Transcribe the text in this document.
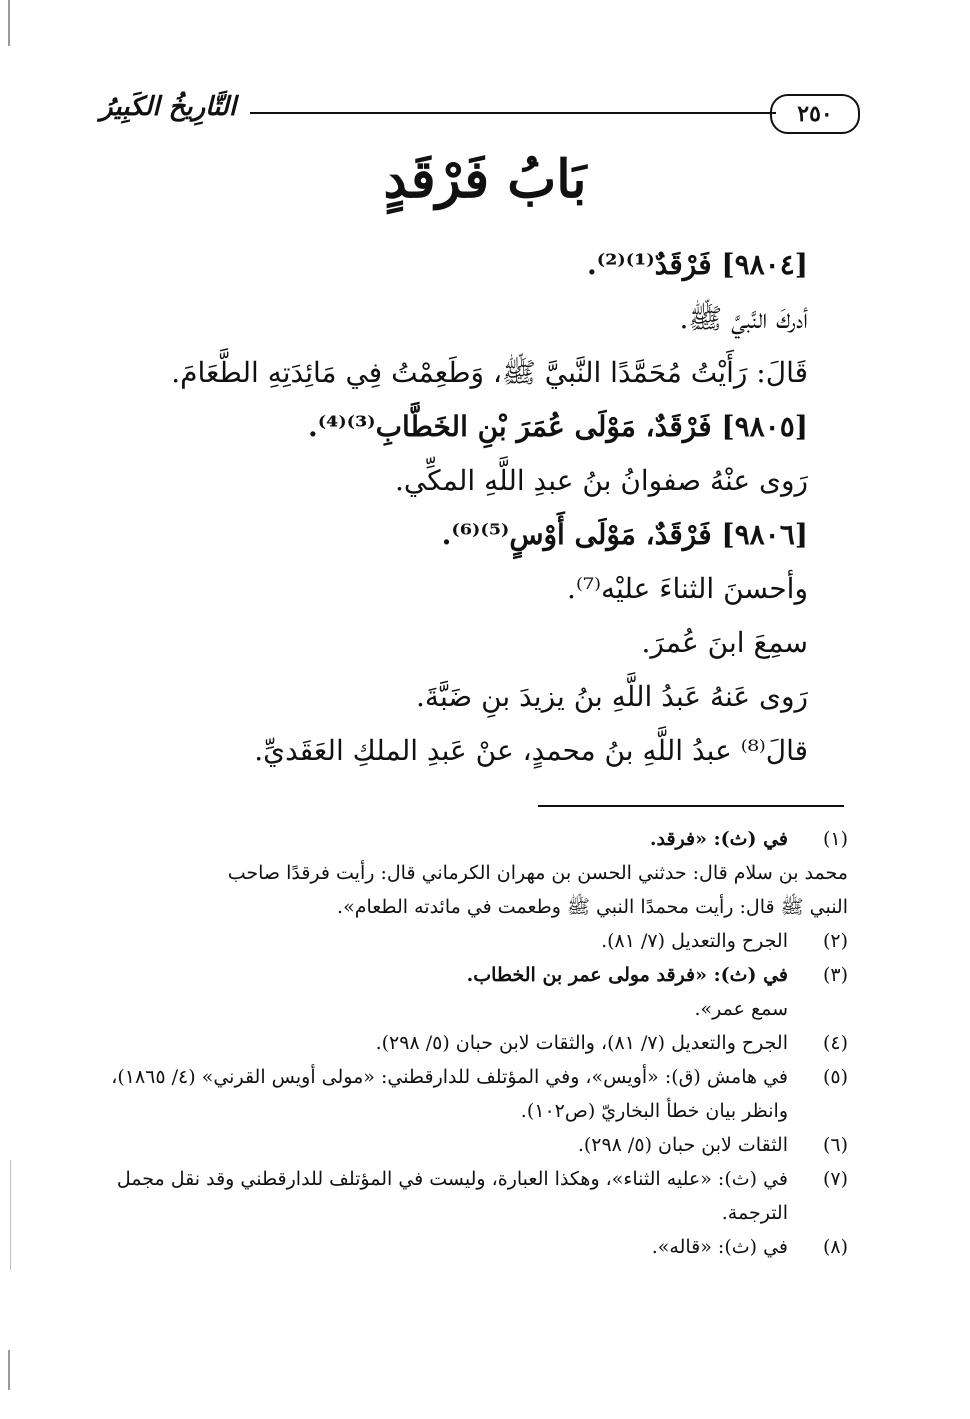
٢٥٠
التَّارِيخُ الكَبِيرُ
بَابُ فَرْقَدٍ
[٩٨٠٤] فَرْقَدٌ⁽¹⁾⁽²⁾.
أدركَ النَّبيَّ ﷺ.
قَالَ: رَأَيْتُ مُحَمَّدًا النَّبيَّ ﷺ، وَطَعِمْتُ فِي مَائِدَتِهِ الطَّعَامَ.
[٩٨٠٥] فَرْقَدٌ، مَوْلَى عُمَرَ بْنِ الخَطَّابِ⁽³⁾⁽⁴⁾.
رَوى عنْهُ صفوانُ بنُ عبدِ اللَّهِ المكِّي.
[٩٨٠٦] فَرْقَدٌ، مَوْلَى أَوْسٍ⁽⁵⁾⁽⁶⁾.
وأحسنَ الثناءَ عليْه⁽⁷⁾.
سمِعَ ابنَ عُمرَ.
رَوى عَنهُ عَبدُ اللَّهِ بنُ يزيدَ بنِ ضَبَّةَ.
قالَ⁽⁸⁾ عبدُ اللَّهِ بنُ محمدٍ، عنْ عَبدِ الملكِ العَقَديِّ.
(١)
في (ث): «فرقد.
محمد بن سلام قال: حدثني الحسن بن مهران الكرماني قال: رأيت فرقدًا صاحب
النبي ﷺ قال: رأيت محمدًا النبي ﷺ وطعمت في مائدته الطعام».
(٢)
الجرح والتعديل (٧/ ٨١).
(٣)
في (ث): «فرقد مولى عمر بن الخطاب.
سمع عمر».
(٤)
الجرح والتعديل (٧/ ٨١)، والثقات لابن حبان (٥/ ٢٩٨).
(٥)
في هامش (ق): «أويس»، وفي المؤتلف للدارقطني: «مولى أويس القرني» (٤/ ١٨٦٥)،
وانظر بيان خطأ البخاريّ (ص١٠٢).
(٦)
الثقات لابن حبان (٥/ ٢٩٨).
(٧)
في (ث): «عليه الثناء»، وهكذا العبارة، وليست في المؤتلف للدارقطني وقد نقل مجمل
الترجمة.
(٨)
في (ث): «قاله».
